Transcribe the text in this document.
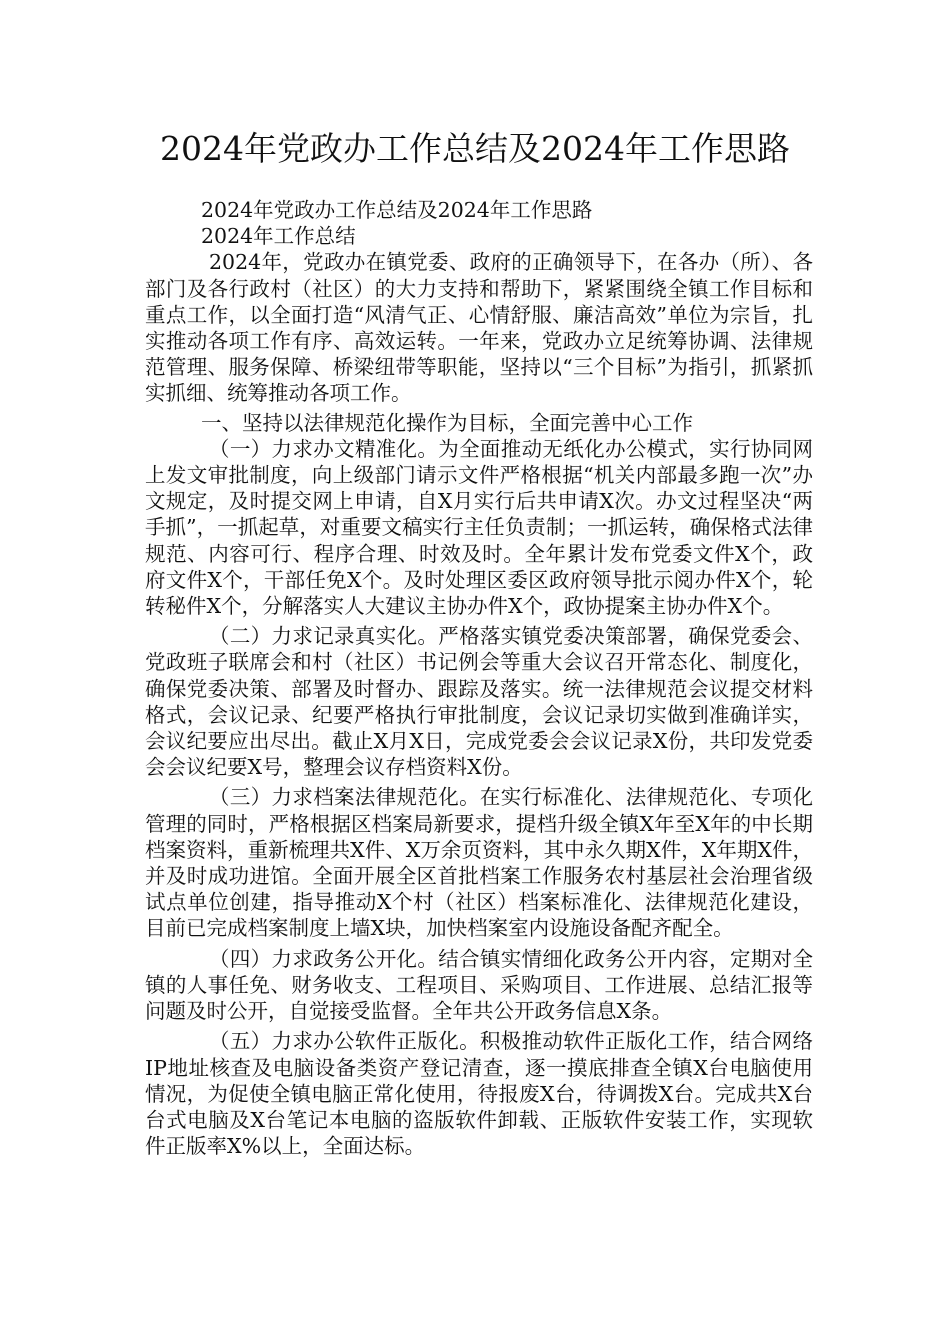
2024年党政办工作总结及2024年工作思路

2024年党政办工作总结及2024年工作思路

2024年工作总结

2024年，党政办在镇党委、政府的正确领导下，在各办（所）、各部门及各行政村（社区）的大力支持和帮助下，紧紧围绕全镇工作目标和重点工作，以全面打造“风清气正、心情舒服、廉洁高效”单位为宗旨，扎实推动各项工作有序、高效运转。一年来，党政办立足统筹协调、法律规范管理、服务保障、桥梁纽带等职能，坚持以“三个目标”为指引，抓紧抓实抓细、统筹推动各项工作。

一、坚持以法律规范化操作为目标，全面完善中心工作

（一）力求办文精准化。为全面推动无纸化办公模式，实行协同网上发文审批制度，向上级部门请示文件严格根据“机关内部最多跑一次”办文规定，及时提交网上申请，自X月实行后共申请X次。办文过程坚决“两手抓”，一抓起草，对重要文稿实行主任负责制；一抓运转，确保格式法律规范、内容可行、程序合理、时效及时。全年累计发布党委文件X个，政府文件X个，干部任免X个。及时处理区委区政府领导批示阅办件X个，轮转秘件X个，分解落实人大建议主协办件X个，政协提案主协办件X个。

（二）力求记录真实化。严格落实镇党委决策部署，确保党委会、党政班子联席会和村（社区）书记例会等重大会议召开常态化、制度化，确保党委决策、部署及时督办、跟踪及落实。统一法律规范会议提交材料格式，会议记录、纪要严格执行审批制度，会议记录切实做到准确详实，会议纪要应出尽出。截止X月X日，完成党委会会议记录X份，共印发党委会会议纪要X号，整理会议存档资料X份。

（三）力求档案法律规范化。在实行标准化、法律规范化、专项化管理的同时，严格根据区档案局新要求，提档升级全镇X年至X年的中长期档案资料，重新梳理共X件、X万余页资料，其中永久期X件，X年期X件，并及时成功进馆。全面开展全区首批档案工作服务农村基层社会治理省级试点单位创建，指导推动X个村（社区）档案标准化、法律规范化建设，目前已完成档案制度上墙X块，加快档案室内设施设备配齐配全。

（四）力求政务公开化。结合镇实情细化政务公开内容，定期对全镇的人事任免、财务收支、工程项目、采购项目、工作进展、总结汇报等问题及时公开，自觉接受监督。全年共公开政务信息X条。

（五）力求办公软件正版化。积极推动软件正版化工作，结合网络IP地址核查及电脑设备类资产登记清查，逐一摸底排查全镇X台电脑使用情况，为促使全镇电脑正常化使用，待报废X台，待调拨X台。完成共X台台式电脑及X台笔记本电脑的盗版软件卸载、正版软件安装工作，实现软件正版率X%以上，全面达标。
